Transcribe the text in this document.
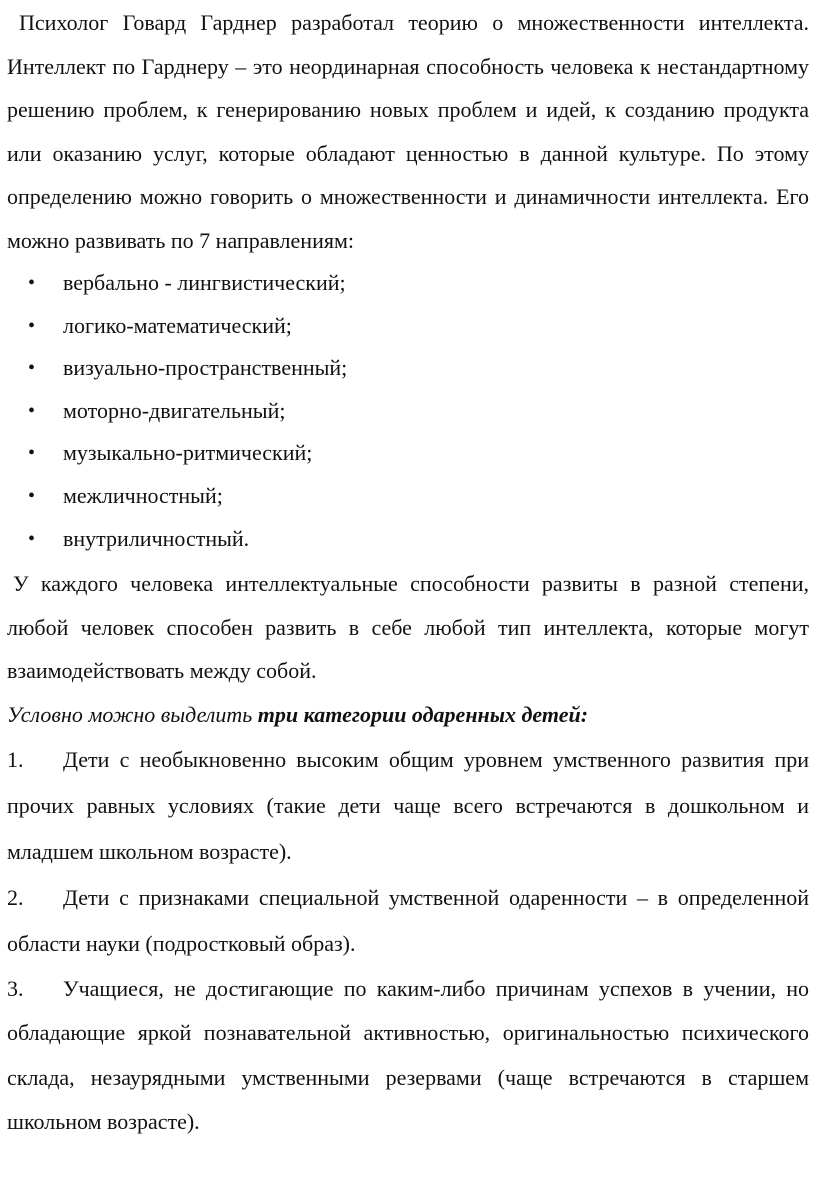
Психолог Говард Гарднер разработал теорию о множественности интеллекта. Интеллект по Гарднеру – это неординарная способность человека к нестандартному решению проблем, к генерированию новых проблем и идей, к созданию продукта или оказанию услуг, которые обладают ценностью в данной культуре. По этому определению можно говорить о множественности и динамичности интеллекта. Его можно развивать по 7 направлениям:

• вербально - лингвистический;
• логико-математический;
• визуально-пространственный;
• моторно-двигательный;
• музыкально-ритмический;
• межличностный;
• внутриличностный.

У каждого человека интеллектуальные способности развиты в разной степени, любой человек способен развить в себе любой тип интеллекта, которые могут взаимодействовать между собой.

Условно можно выделить три категории одаренных детей:

1. Дети с необыкновенно высоким общим уровнем умственного развития при прочих равных условиях (такие дети чаще всего встречаются в дошкольном и младшем школьном возрасте).

2. Дети с признаками специальной умственной одаренности – в определенной области науки (подростковый образ).

3. Учащиеся, не достигающие по каким-либо причинам успехов в учении, но обладающие яркой познавательной активностью, оригинальностью психического склада, незаурядными умственными резервами (чаще встречаются в старшем школьном возрасте).
